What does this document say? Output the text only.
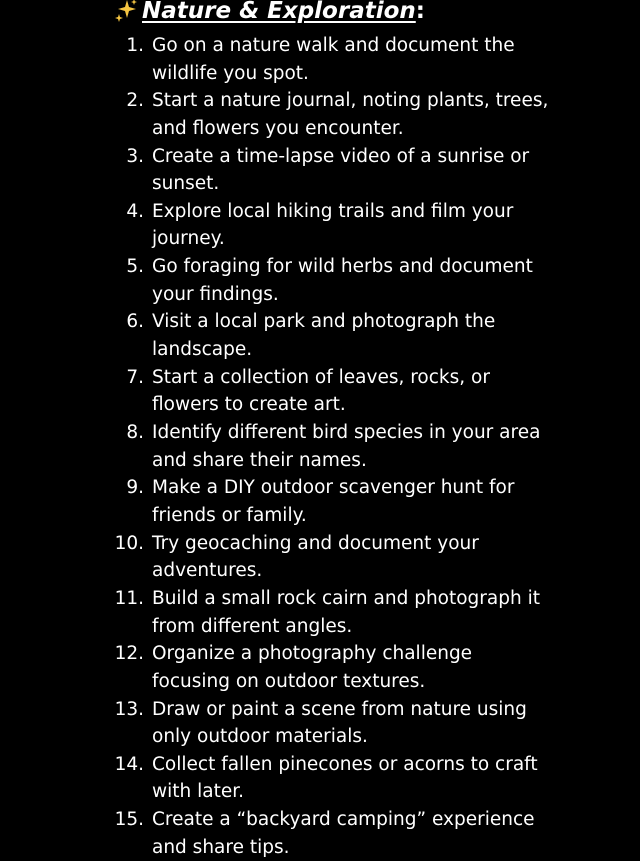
Nature & Exploration :
1. Go on a nature walk and document the wildlife you spot.
2. Start a nature journal, noting plants, trees, and flowers you encounter.
3. Create a time-lapse video of a sunrise or sunset.
4. Explore local hiking trails and film your journey.
5. Go foraging for wild herbs and document your findings.
6. Visit a local park and photograph the landscape.
7. Start a collection of leaves, rocks, or flowers to create art.
8. Identify different bird species in your area and share their names.
9. Make a DIY outdoor scavenger hunt for friends or family.
10. Try geocaching and document your adventures.
11. Build a small rock cairn and photograph it from different angles.
12. Organize a photography challenge focusing on outdoor textures.
13. Draw or paint a scene from nature using only outdoor materials.
14. Collect fallen pinecones or acorns to craft with later.
15. Create a “backyard camping” experience and share tips.
